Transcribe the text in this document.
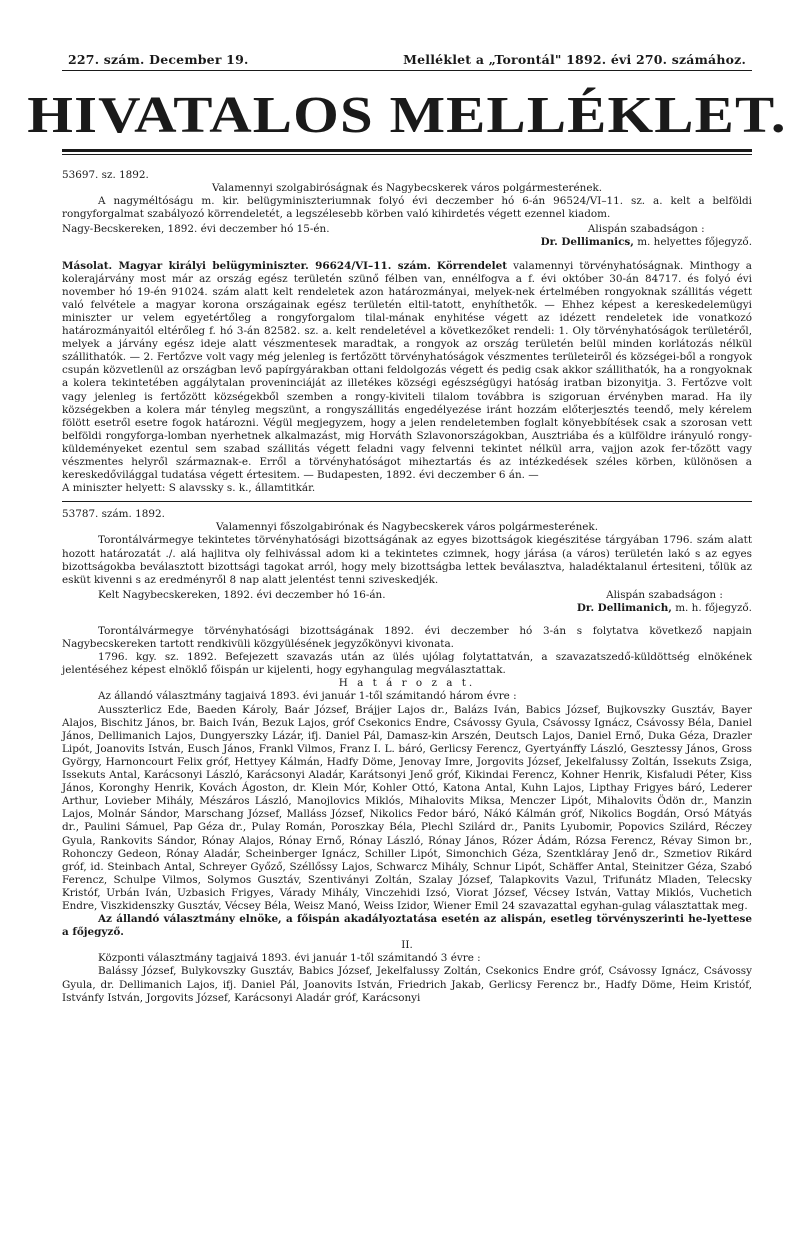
227. szám. December 19.	Melléklet a „Torontál" 1892. évi 270. számához.
HIVATALOS MELLÉKLET.
53697. sz. 1892.
Valamennyi szolgabiróságnak és Nagybecskerek város polgármesterének.

A nagyméltóságu m. kir. belügyminiszteriumnak folyó évi deczember hó 6-án 96524/VI–11. sz. a. kelt a belföldi rongyforgalmat szabályozó körrendeletét, a legszélesebb körben való kihirdetés végett ezennel kiadom.

Nagy-Becskereken, 1892. évi deczember hó 15-én.	Alispán szabadságon :
Dr. Dellimanics, m. helyettes főjegyző.

Másolat. Magyar királyi belügyminiszter. 96624/VI–11. szám. Körrendelet valamennyi törvényhatóságnak. Minthogy a kolerajárvány most már az ország egész területén szünő félben van, ennélfogva a f. évi október 30-án 84717. és folyó évi november hó 19-én 91024. szám alatt kelt rendeletek azon határozmányai, melyek-nek értelmében rongyoknak szállitás végett való felvétele a magyar korona országainak egész területén eltil-tatott, enyhíthetők. — Ehhez képest a kereskedelemügyi miniszter ur velem egyetértőleg a rongyforgalom tilal-mának enyhitése végett az idézett rendeletek ide vonatkozó határozmányaitól eltérőleg f. hó 3-án 82582. sz. a. kelt rendeletével a következőket rendeli: 1. Oly törvényhatóságok területéről, melyek a járvány egész ideje alatt vészmentesek maradtak, a rongyok az ország területén belül minden korlátozás nélkül szállithatók. — 2. Fertőzve volt vagy még jelenleg is fertőzött törvényhatóságok vészmentes területeiről és községei-ből a rongyok csupán közvetlenül az országban levő papírgyárakban ottani feldolgozás végett és pedig csak akkor szállithatók, ha a rongyoknak a kolera tekintetében aggálytalan proveninciáját az illetékes községi egészségügyi hatóság iratban bizonyitja. 3. Fertőzve volt vagy jelenleg is fertőzött községekből szemben a rongy-kiviteli tilalom továbbra is szigoruan érvényben marad. Ha ily községekben a kolera már tényleg megszünt, a rongyszállitás engedélyezése iránt hozzám előterjesztés teendő, mely kérelem fölött esetről esetre fogok határozni. Végül megjegyzem, hogy a jelen rendeletemben foglalt könyebbítések csak a szorosan vett belföldi rongyforga-lomban nyerhetnek alkalmazást, mig Horváth Szlavonországokban, Ausztriába és a külföldre irányuló rongy-küldeményeket ezentul sem szabad szállitás végett feladni vagy felvenni tekintet nélkül arra, vajjon azok fer-tőzött vagy vészmentes helyről származnak-e. Erről a törvényhatóságot miheztartás és az intézkedések széles körben, különösen a kereskedővilággal tudatása végett értesitem. — Budapesten, 1892. évi deczember 6 án. —

A miniszter helyett: S alavssky s. k., államtitkár.

53787. szám. 1892.
Valamennyi főszolgabirónak és Nagybecskerek város polgármesterének.

Torontálvármegye tekintetes törvényhatósági bizottságának az egyes bizottságok kiegészitése tárgyában 1796. szám alatt hozott határozatát ./. alá hajlitva oly felhivással adom ki a tekintetes czimnek, hogy járása (a város) területén lakó s az egyes bizottságokba beválasztott bizottsági tagokat arról, hogy mely bizottságba lettek beválasztva, haladéktalanul értesiteni, tőlük az esküt kivenni s az eredményről 8 nap alatt jelentést tenni sziveskedjék.

Kelt Nagybecskereken, 1892. évi deczember hó 16-án.	Alispán szabadságon :
Dr. Dellimanich, m. h. főjegyző.

Torontálvármegye törvényhatósági bizottságának 1892. évi deczember hó 3-án s folytatva következő napjain Nagybecskereken tartott rendkivüli közgyülésének jegyzőkönyvi kivonata.

1796. kgy. sz. 1892. Befejezett szavazás után az ülés ujólag folytattatván, a szavazatszedő-küldöttség elnökének jelentéséhez képest elnöklő főispán ur kijelenti, hogy egyhangulag megválasztattak.

H a t á r o z a t.

Az állandó választmány tagjaivá 1893. évi január 1-től számitandó három évre :

Ausszterlicz Ede, Baeden Károly, Baár József, Brájjer Lajos dr., Balázs Iván, Babics József, Bujkovszky Gusztáv, Bayer Alajos, Bischitz János, br. Baich Iván, Bezuk Lajos, gróf Csekonics Endre, Csávossy Gyula, Csávossy Ignácz, Csávossy Béla, Daniel János, Dellimanich Lajos, Dungyerszky Lázár, ifj. Daniel Pál, Damasz-kin Arszén, Deutsch Lajos, Daniel Ernő, Duka Géza, Drazler Lipót, Joanovits István, Eusch János, Frankl Vilmos, Franz I. L. báró, Gerlicsy Ferencz, Gyertyánffy László, Gesztessy János, Gross György, Harnoncourt Felix gróf, Hettyey Kálmán, Hadfy Döme, Jenovay Imre, Jorgovits József, Jekelfalussy Zoltán, Issekuts Zsiga, Issekuts Antal, Karácsonyi László, Karácsonyi Aladár, Karátsonyi Jenő gróf, Kikindai Ferencz, Kohner Henrik, Kisfaludi Péter, Kiss János, Koronghy Henrik, Kovách Ágoston, dr. Klein Mór, Kohler Ottó, Katona Antal, Kuhn Lajos, Lipthay Frigyes báró, Lederer Arthur, Lovieber Mihály, Mészáros László, Manojlovics Miklós, Mihalovits Miksa, Menczer Lipót, Mihalovits Ödön dr., Manzin Lajos, Molnár Sándor, Marschang József, Malláss József, Nikolics Fedor báró, Nákó Kálmán gróf, Nikolics Bogdán, Orsó Mátyás dr., Paulini Sámuel, Pap Géza dr., Pulay Román, Poroszkay Béla, Plechl Szilárd dr., Panits Lyubomir, Popovics Szilárd, Réczey Gyula, Rankovits Sándor, Rónay Alajos, Rónay Ernő, Rónay László, Rónay János, Rózer Ádám, Rózsa Ferencz, Révay Simon br., Rohonczy Gedeon, Rónay Aladár, Scheinberger Ignácz, Schiller Lipót, Simonchich Géza, Szentkláray Jenő dr., Szmetiov Rikárd gróf, id. Steinbach Antal, Schreyer Győző, Széllőssy Lajos, Schwarcz Mihály, Schnur Lipót, Schäffer Antal, Steinitzer Géza, Szabó Ferencz, Schulpe Vilmos, Solymos Gusztáv, Szentiványi Zoltán, Szalay József, Talapkovits Vazul, Trifunátz Mladen, Telecsky Kristóf, Urbán Iván, Uzbasich Frigyes, Várady Mihály, Vinczehidi Izsó, Viorat József, Vécsey István, Vattay Miklós, Vuchetich Endre, Viszkidenszky Gusztáv, Vécsey Béla, Weisz Manó, Weiss Izidor, Wiener Emil 24 szavazattal egyhan-gulag választattak meg.

Az állandó választmány elnöke, a főispán akadályoztatása esetén az alispán, esetleg törvényszerinti he-lyettese a főjegyző.

II.

Központi választmány tagjaivá 1893. évi január 1-től számitandó 3 évre :

Balássy József, Bulykovszky Gusztáv, Babics József, Jekelfalussy Zoltán, Csekonics Endre gróf, Csávossy Ignácz, Csávossy Gyula, dr. Dellimanich Lajos, ifj. Daniel Pál, Joanovits István, Friedrich Jakab, Gerlicsy Ferencz br., Hadfy Döme, Heim Kristóf, Istvánfy István, Jorgovits József, Karácsonyi Aladár gróf, Karácsonyi
